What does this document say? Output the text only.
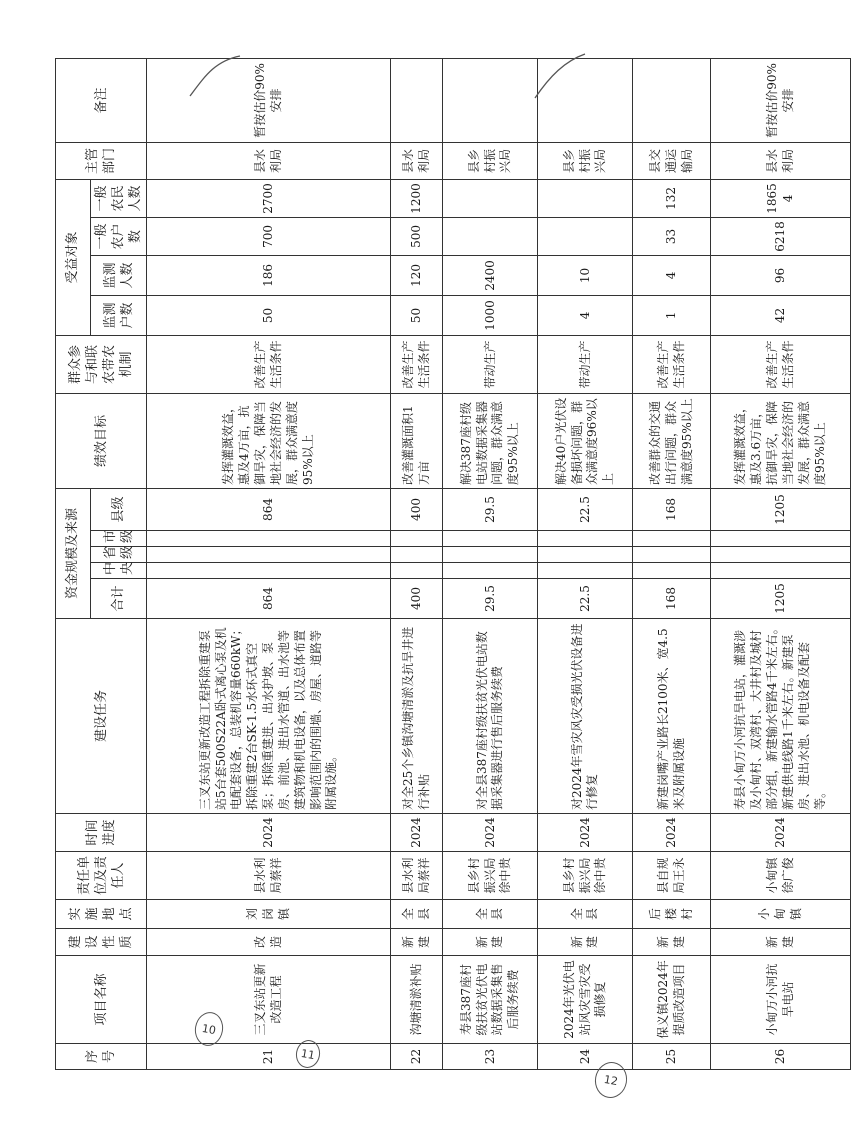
序号	项目名称	建设性质	实施地点	责任单位及责任人	时间进度	建设任务	资金规模及来源					绩效目标	群众参与和联农带农机制	受益对象				主管部门	备注
							合计	中央	省级	市级	县级			监测户数	监测人数	一般农户数	一般农民人数		
21	三叉东站更新改造工程	改造	刘岗镇	县水利局蔡祥	2024	三叉东站更新改造工程拆除重建泵站5台套500S22A卧式离心泵及机电配套设备，总装机容量660kW；拆除重建2台SK-1.5水环式真空泵；拆除重建进、出水护坡、泵房、前池、进出水管道、出水池等建筑物和机电设备，以及总体布置影响范围内的围墙、房屋、道路等附属设施。	864				864	发挥灌溉效益，惠及4万亩，抗御旱灾，保障当地社会经济的发展，群众满意度95%以上	改善生产生活条件	50	186	700	2700	县水利局	暂按估价90%安排
22	沟塘清淤补贴	新建	全县	县水利局蔡祥	2024	对全25个乡镇沟塘清淤及抗旱井进行补贴	400				400	改善灌溉面积1万亩	改善生产生活条件	50	120	500	1200	县水利局	
23	寿县387座村级扶贫光伏电站数据采集售后服务续费	新建	全县	县乡村振兴局徐中贵	2024	对全县387座村级扶贫光伏电站数据采集器进行售后服务续费	29.5				29.5	解决387座村级电站数据采集器问题，群众满意度95%以上	带动生产	1000	2400			县乡村振兴局	
24	2024年光伏电站风灾雪灾受损修复	新建	全县	县乡村振兴局徐中贵	2024	对2024年雪灾风灾受损光伏设备进行修复	22.5				22.5	解决40户光伏设备损坏问题，群众满意度96%以上	带动生产	4	10			县乡村振兴局	
25	保义镇2024年提质改造项目	新建	后楼村	县自规局王永	2024	新建岗嘴产业路长2100米、宽4.5米及附属设施	168				168	改善群众的交通出行问题，群众满意度95%以上	改善生产生活条件	1	4	33	132	县交通运输局	
26	小甸万小河抗旱电站	新建	小甸镇	小甸镇徐广俊	2024	寿县小甸万小河抗旱电站，灌溉涉及小甸村、双湾村、大井村及城村部分组，新建输水管路4千米左右。新建供电线路1千米左右。新建泵房、进出水池、机电设备及配套等。	1205				1205	发挥灌溉效益，惠及3.6万亩，抗御旱灾，保障当地社会经济的发展，群众满意度95%以上	改善生产生活条件	42	96	6218	18654	县水利局	暂按估价90%安排
10
11
12
